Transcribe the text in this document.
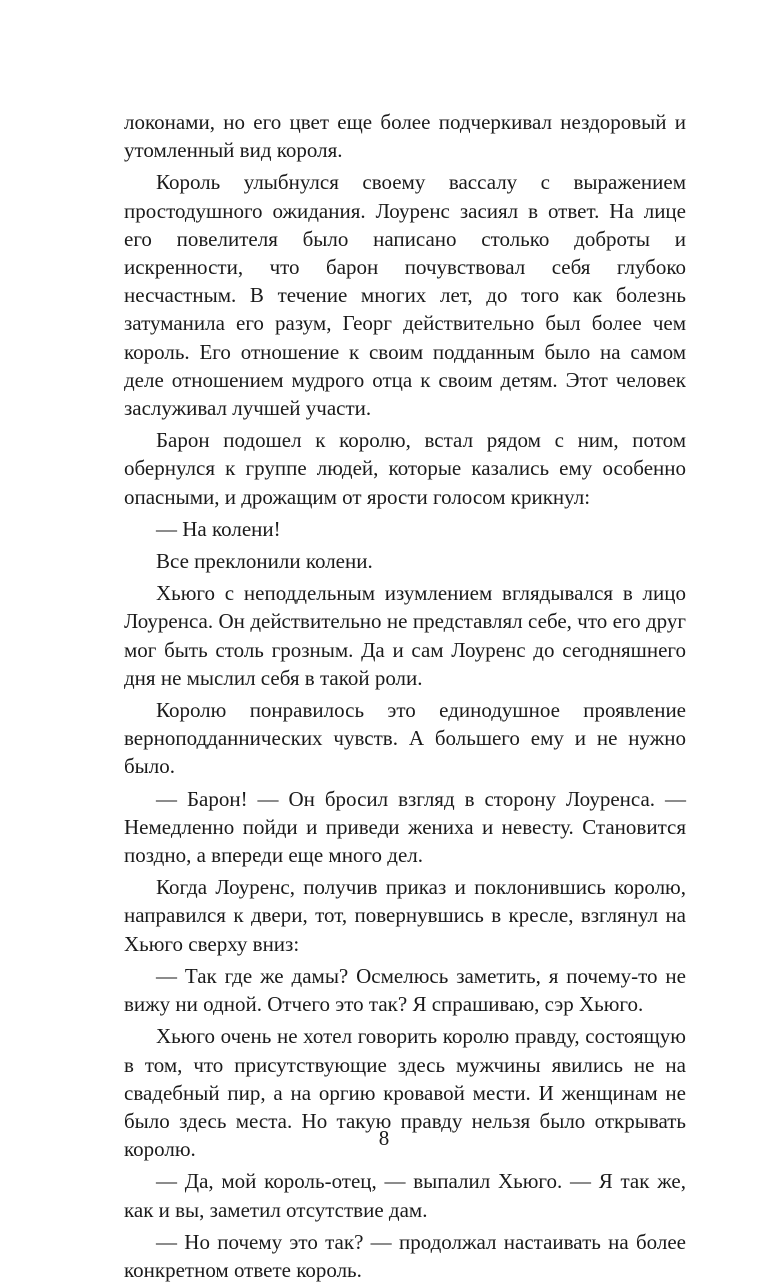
локонами, но его цвет еще более подчеркивал нездоровый и утомленный вид короля.

Король улыбнулся своему вассалу с выражением простодушного ожидания. Лоуренс засиял в ответ. На лице его повелителя было написано столько доброты и искренности, что барон почувствовал себя глубоко несчастным. В течение многих лет, до того как болезнь затуманила его разум, Георг действительно был более чем король. Его отношение к своим подданным было на самом деле отношением мудрого отца к своим детям. Этот человек заслуживал лучшей участи.

Барон подошел к королю, встал рядом с ним, потом обернулся к группе людей, которые казались ему особенно опасными, и дрожащим от ярости голосом крикнул:

— На колени!

Все преклонили колени.

Хьюго с неподдельным изумлением вглядывался в лицо Лоуренса. Он действительно не представлял себе, что его друг мог быть столь грозным. Да и сам Лоуренс до сегодняшнего дня не мыслил себя в такой роли.

Королю понравилось это единодушное проявление верноподданнических чувств. А большего ему и не нужно было.

— Барон! — Он бросил взгляд в сторону Лоуренса. — Немедленно пойди и приведи жениха и невесту. Становится поздно, а впереди еще много дел.

Когда Лоуренс, получив приказ и поклонившись королю, направился к двери, тот, повернувшись в кресле, взглянул на Хьюго сверху вниз:

— Так где же дамы? Осмелюсь заметить, я почему-то не вижу ни одной. Отчего это так? Я спрашиваю, сэр Хьюго.

Хьюго очень не хотел говорить королю правду, состоящую в том, что присутствующие здесь мужчины явились не на свадебный пир, а на оргию кровавой мести. И женщинам не было здесь места. Но такую правду нельзя было открывать королю.

— Да, мой король-отец, — выпалил Хьюго. — Я так же, как и вы, заметил отсутствие дам.

— Но почему это так? — продолжал настаивать на более конкретном ответе король.

8
